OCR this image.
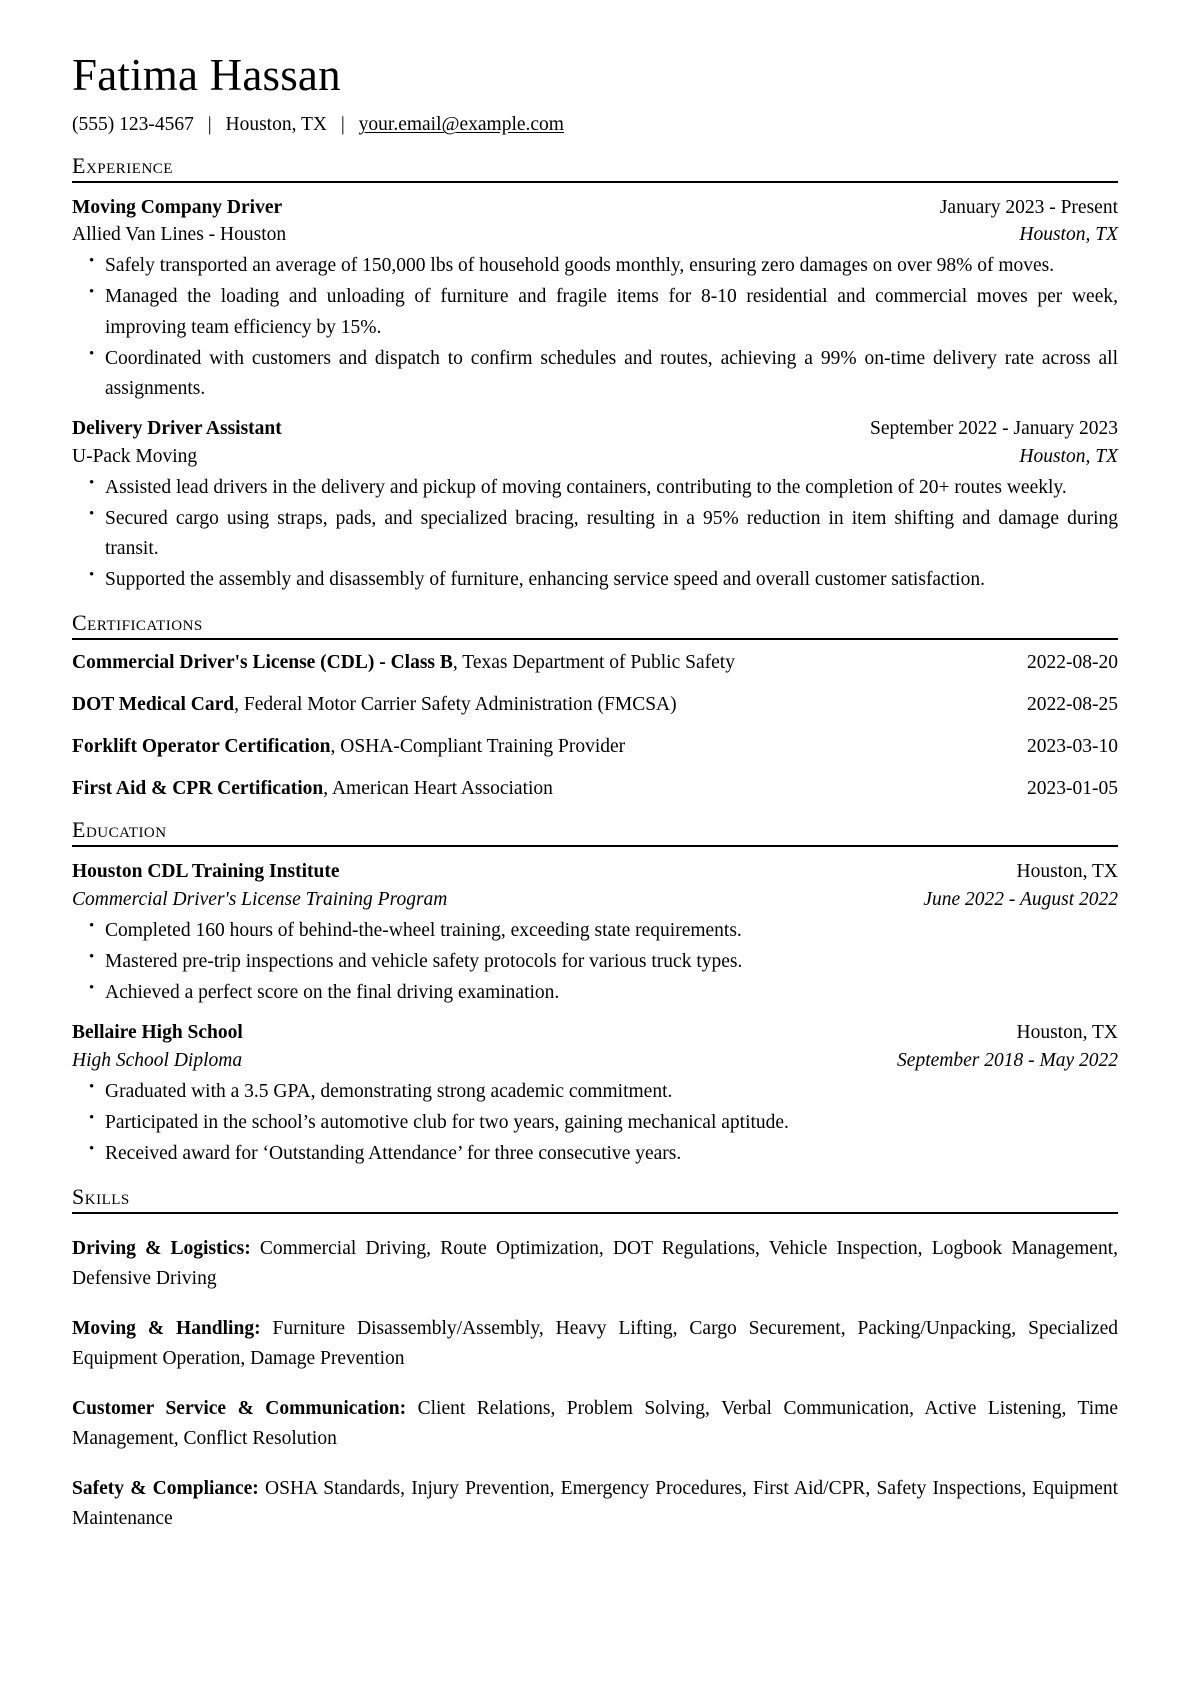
Fatima Hassan
(555) 123-4567 | Houston, TX | your.email@example.com
Experience
Moving Company Driver	January 2023 - Present
Allied Van Lines - Houston	Houston, TX
• Safely transported an average of 150,000 lbs of household goods monthly, ensuring zero damages on over 98% of moves.
• Managed the loading and unloading of furniture and fragile items for 8-10 residential and commercial moves per week, improving team efficiency by 15%.
• Coordinated with customers and dispatch to confirm schedules and routes, achieving a 99% on-time delivery rate across all assignments.
Delivery Driver Assistant	September 2022 - January 2023
U-Pack Moving	Houston, TX
• Assisted lead drivers in the delivery and pickup of moving containers, contributing to the completion of 20+ routes weekly.
• Secured cargo using straps, pads, and specialized bracing, resulting in a 95% reduction in item shifting and damage during transit.
• Supported the assembly and disassembly of furniture, enhancing service speed and overall customer satisfaction.
Certifications
Commercial Driver's License (CDL) - Class B, Texas Department of Public Safety	2022-08-20
DOT Medical Card, Federal Motor Carrier Safety Administration (FMCSA)	2022-08-25
Forklift Operator Certification, OSHA-Compliant Training Provider	2023-03-10
First Aid & CPR Certification, American Heart Association	2023-01-05
Education
Houston CDL Training Institute	Houston, TX
Commercial Driver's License Training Program	June 2022 - August 2022
• Completed 160 hours of behind-the-wheel training, exceeding state requirements.
• Mastered pre-trip inspections and vehicle safety protocols for various truck types.
• Achieved a perfect score on the final driving examination.
Bellaire High School	Houston, TX
High School Diploma	September 2018 - May 2022
• Graduated with a 3.5 GPA, demonstrating strong academic commitment.
• Participated in the school’s automotive club for two years, gaining mechanical aptitude.
• Received award for ‘Outstanding Attendance’ for three consecutive years.
Skills

Driving & Logistics: Commercial Driving, Route Optimization, DOT Regulations, Vehicle Inspection, Logbook Management, Defensive Driving

Moving & Handling: Furniture Disassembly/Assembly, Heavy Lifting, Cargo Securement, Packing/Unpacking, Specialized Equipment Operation, Damage Prevention

Customer Service & Communication: Client Relations, Problem Solving, Verbal Communication, Active Listening, Time Management, Conflict Resolution

Safety & Compliance: OSHA Standards, Injury Prevention, Emergency Procedures, First Aid/CPR, Safety Inspections, Equipment Maintenance
